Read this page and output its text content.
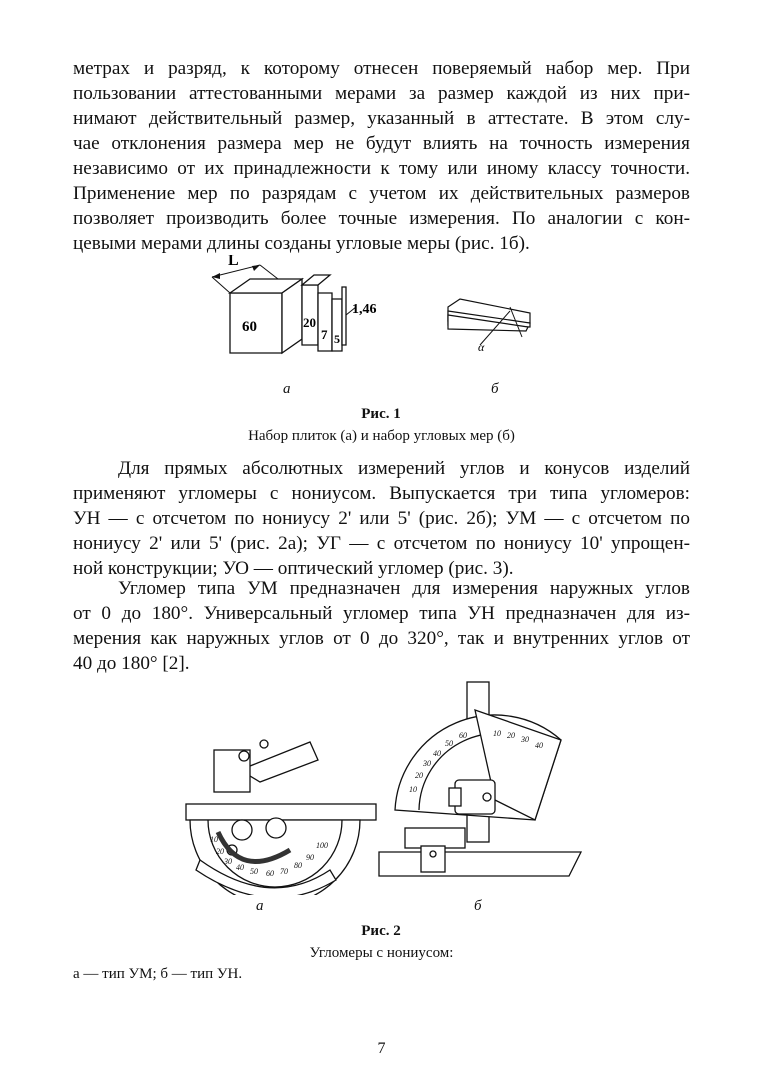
метрах и разряд, к которому отнесен поверяемый набор мер. При
пользовании аттестованными мерами за размер каждой из них при-
нимают действительный размер, указанный в аттестате. В этом слу-
чае отклонения размера мер не будут влиять на точность измерения
независимо от их принадлежности к тому или иному классу точности.
Применение мер по разрядам с учетом их действительных размеров
позволяет производить более точные измерения. По аналогии с кон-
цевыми мерами длины созданы угловые меры (рис. 1б).
L
60	20
7 5
1,46
α
а	б
Рис. 1
Набор плиток (а) и набор угловых мер (б)
Для прямых абсолютных измерений углов и конусов изделий
применяют угломеры с нониусом. Выпускается три типа угломеров:
УН — с отсчетом по нониусу 2' или 5' (рис. 2б); УМ — с отсчетом по
нониусу 2' или 5' (рис. 2а); УГ — с отсчетом по нониусу 10' упрощен-
ной конструкции; УО — оптический угломер (рис. 3).
Угломер типа УМ предназначен для измерения наружных углов
от 0 до 180°. Универсальный угломер типа УН предназначен для из-
мерения как наружных углов от 0 до 320°, так и внутренних углов от
40 до 180° [2].
10
20
30
40 50 60 70
80
90
100
10
20
30
40
50
60	10 20 30
40
а	б
Рис. 2
Угломеры с нониусом:
а — тип УМ; б — тип УН.
7
